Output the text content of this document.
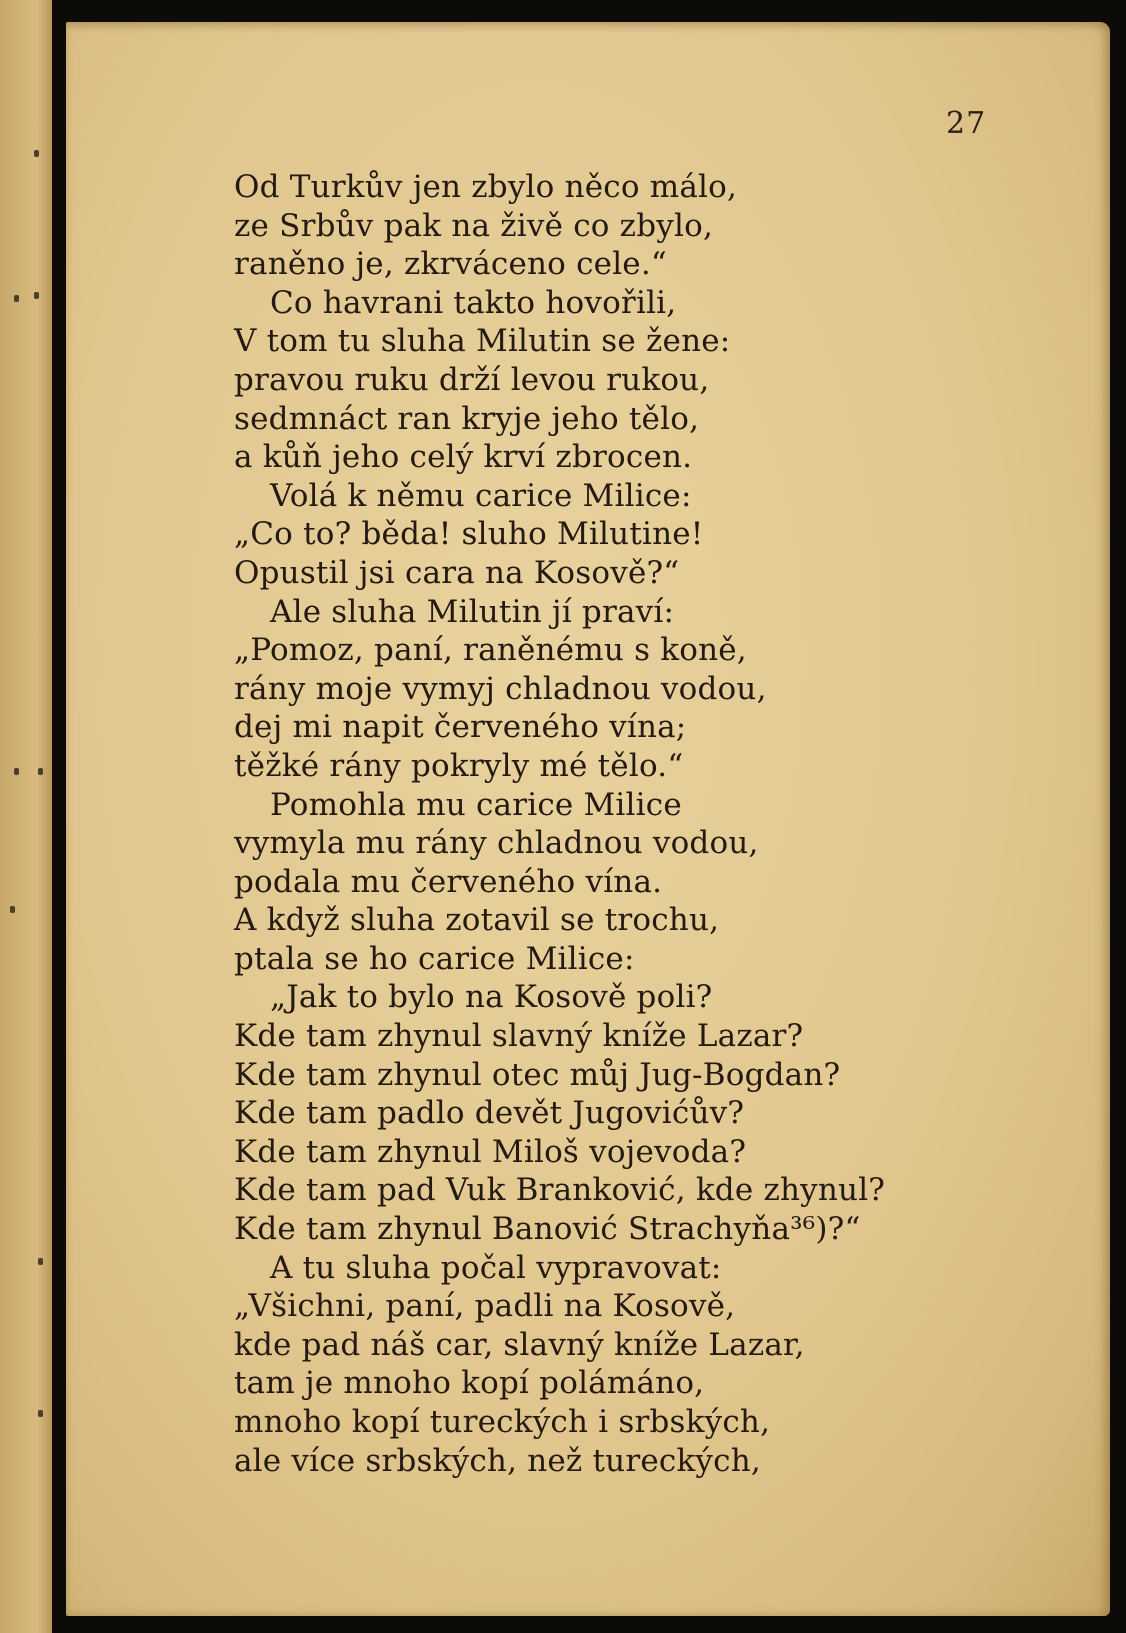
27
Od Turkův jen zbylo něco málo,
ze Srbův pak na živě co zbylo,
raněno je, zkrváceno cele.“
Co havrani takto hovořili,
V tom tu sluha Milutin se žene:
pravou ruku drží levou rukou,
sedmnáct ran kryje jeho tělo,
a kůň jeho celý krví zbrocen.
Volá k němu carice Milice:
„Co to? běda! sluho Milutine!
Opustil jsi cara na Kosově?“
Ale sluha Milutin jí praví:
„Pomoz, paní, raněnému s koně,
rány moje vymyj chladnou vodou,
dej mi napit červeného vína;
těžké rány pokryly mé tělo.“
Pomohla mu carice Milice
vymyla mu rány chladnou vodou,
podala mu červeného vína.
A když sluha zotavil se trochu,
ptala se ho carice Milice:
„Jak to bylo na Kosově poli?
Kde tam zhynul slavný kníže Lazar?
Kde tam zhynul otec můj Jug-Bogdan?
Kde tam padlo devět Jugovićův?
Kde tam zhynul Miloš vojevoda?
Kde tam pad Vuk Branković, kde zhynul?
Kde tam zhynul Banović Strachyňa³⁶)?“
A tu sluha počal vypravovat:
„Všichni, paní, padli na Kosově,
kde pad náš car, slavný kníže Lazar,
tam je mnoho kopí polámáno,
mnoho kopí tureckých i srbských,
ale více srbských, než tureckých,
